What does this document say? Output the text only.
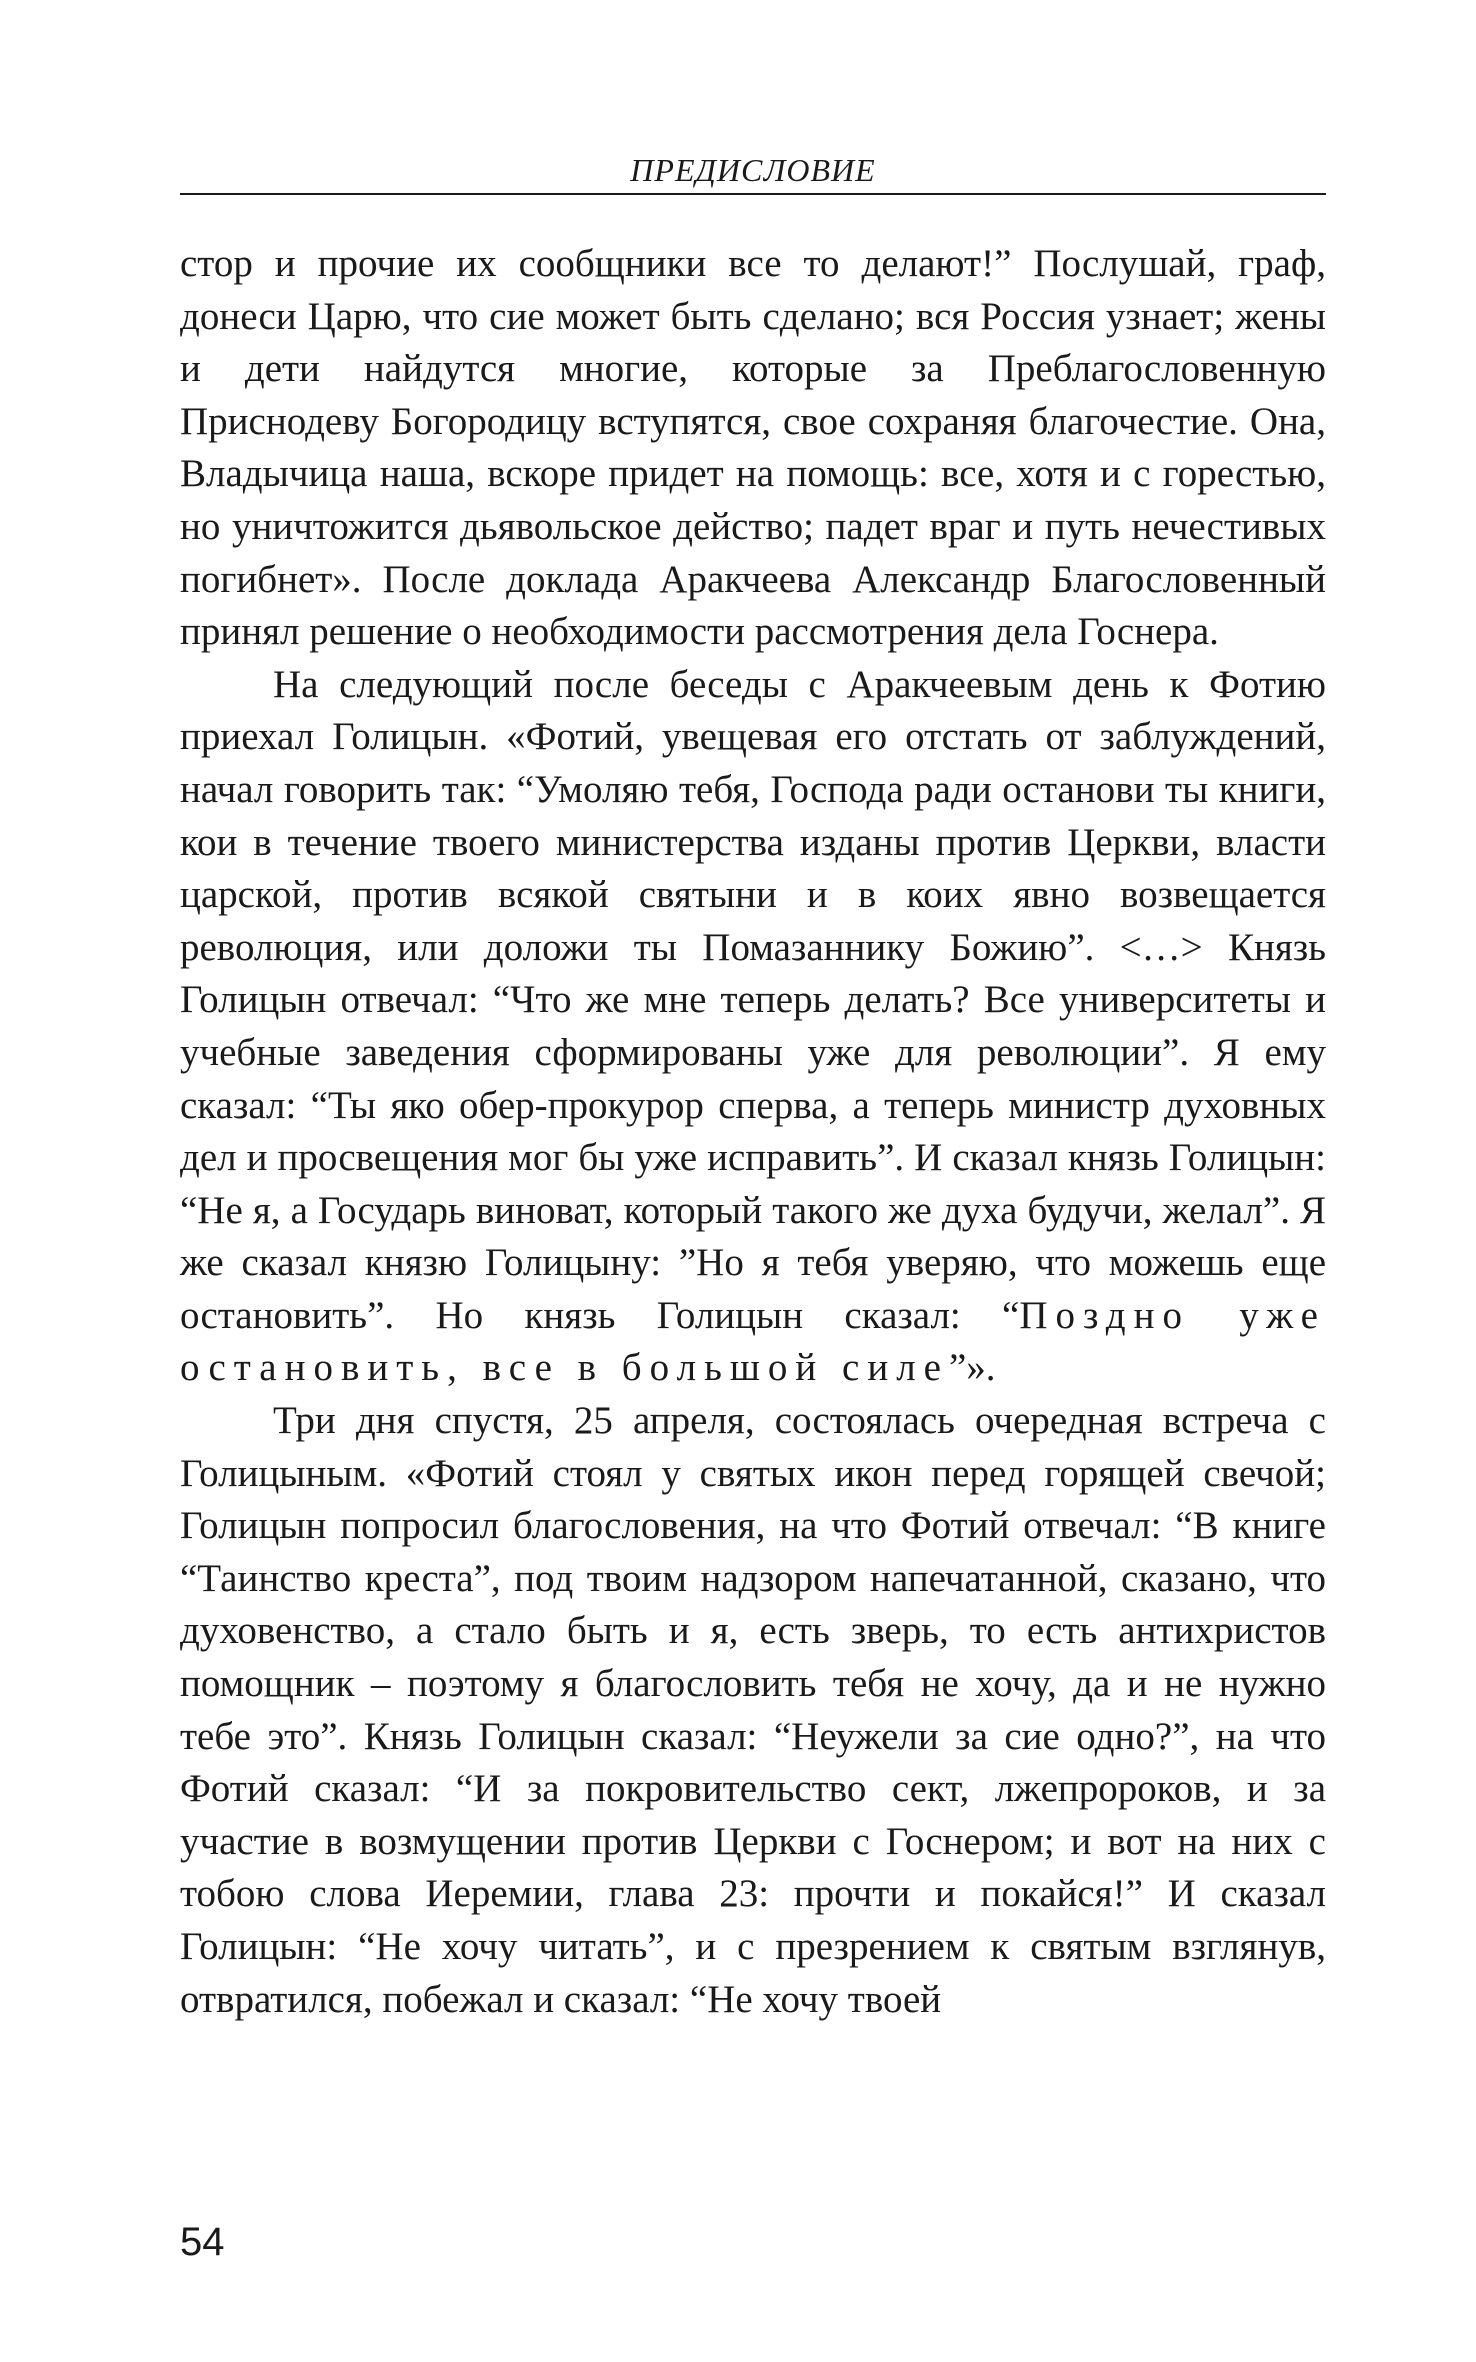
ПРЕДИСЛОВИЕ

стор и прочие их сообщники все то делают!” Послушай, граф, донеси Царю, что сие может быть сделано; вся Россия узнает; жены и дети найдутся многие, которые за Преблагословенную Приснодеву Богородицу вступятся, свое сохраняя благочестие. Она, Владычица наша, вскоре придет на помощь: все, хотя и с горестью, но уничтожится дьявольское действо; падет враг и путь нечестивых погибнет». После доклада Аракчеева Александр Благословенный принял решение о необходимости рассмотрения дела Госнера.

На следующий после беседы с Аракчеевым день к Фотию приехал Голицын. «Фотий, увещевая его отстать от заблуждений, начал говорить так: “Умоляю тебя, Господа ради останови ты книги, кои в течение твоего министерства изданы против Церкви, власти царской, против всякой святыни и в коих явно возвещается революция, или доложи ты Помазаннику Божию”. <…> Князь Голицын отвечал: “Что же мне теперь делать? Все университеты и учебные заведения сформированы уже для революции”. Я ему сказал: “Ты яко обер-прокурор сперва, а теперь министр духовных дел и просвещения мог бы уже исправить”. И сказал князь Голицын: “Не я, а Государь виноват, который такого же духа будучи, желал”. Я же сказал князю Голицыну: ”Но я тебя уверяю, что можешь еще остановить”. Но князь Голицын сказал: “Поздно уже остановить, все в большой силе”».

Три дня спустя, 25 апреля, состоялась очередная встреча с Голицыным. «Фотий стоял у святых икон перед горящей свечой; Голицын попросил благословения, на что Фотий отвечал: “В книге “Таинство креста”, под твоим надзором напечатанной, сказано, что духовенство, а стало быть и я, есть зверь, то есть антихристов помощник – поэтому я благословить тебя не хочу, да и не нужно тебе это”. Князь Голицын сказал: “Неужели за сие одно?”, на что Фотий сказал: “И за покровительство сект, лжепророков, и за участие в возмущении против Церкви с Госнером; и вот на них с тобою слова Иеремии, глава 23: прочти и покайся!” И сказал Голицын: “Не хочу читать”, и с презрением к святым взглянув, отвратился, побежал и сказал: “Не хочу твоей

54
